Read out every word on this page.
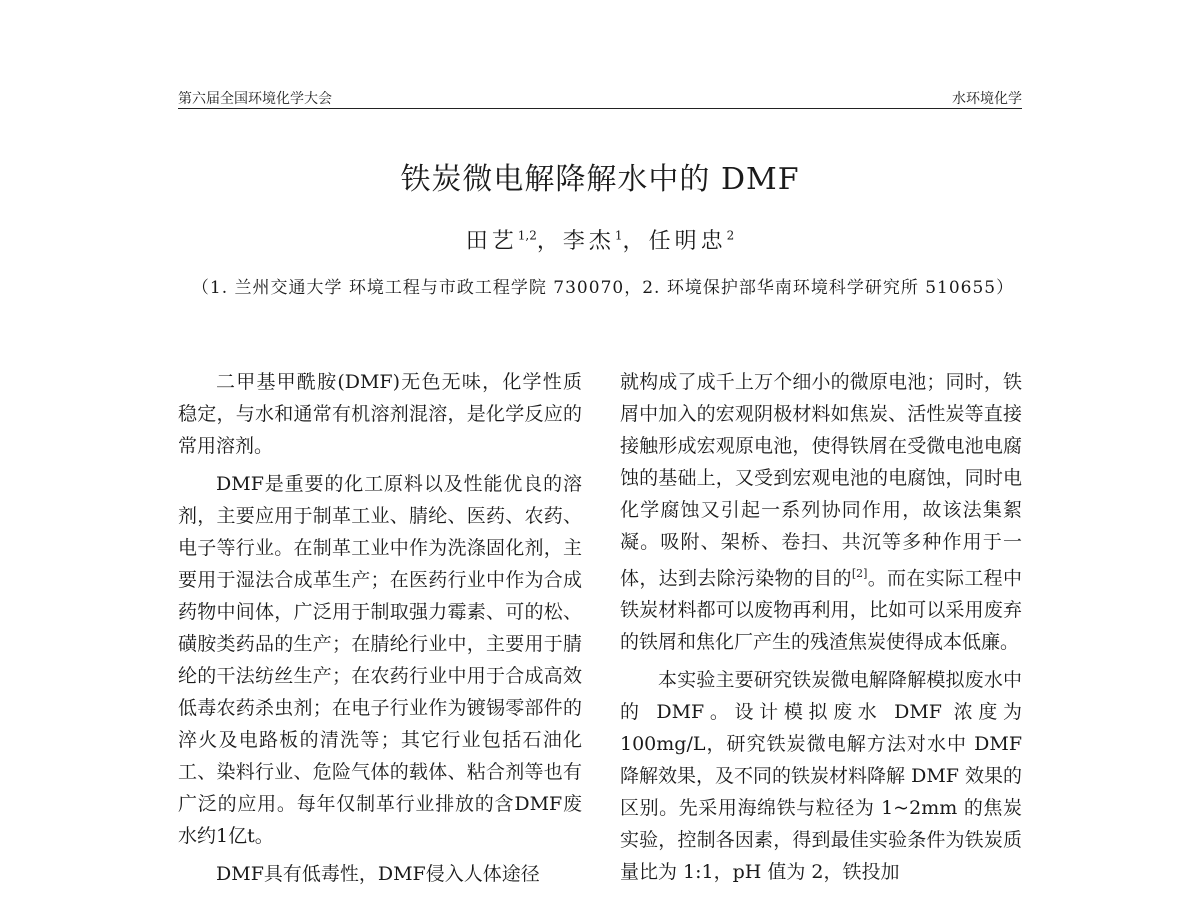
第六届全国环境化学大会	水环境化学
铁炭微电解降解水中的 DMF
田艺$^{1,2}$，李杰$^1$，任明忠$^2$
（1. 兰州交通大学 环境工程与市政工程学院 730070，2. 环境保护部华南环境科学研究所 510655）

二甲基甲酰胺(DMF)无色无味，化学性质稳定，与水和通常有机溶剂混溶，是化学反应的常用溶剂。

DMF是重要的化工原料以及性能优良的溶剂，主要应用于制革工业、腈纶、医药、农药、电子等行业。在制革工业中作为洗涤固化剂，主要用于湿法合成革生产；在医药行业中作为合成药物中间体，广泛用于制取强力霉素、可的松、磺胺类药品的生产；在腈纶行业中，主要用于腈纶的干法纺丝生产；在农药行业中用于合成高效低毒农药杀虫剂；在电子行业作为镀锡零部件的淬火及电路板的清洗等；其它行业包括石油化工、染料行业、危险气体的载体、粘合剂等也有广泛的应用。每年仅制革行业排放的含DMF废水约1亿t。

DMF具有低毒性，DMF侵入人体途径

就构成了成千上万个细小的微原电池；同时，铁屑中加入的宏观阴极材料如焦炭、活性炭等直接接触形成宏观原电池，使得铁屑在受微电池电腐蚀的基础上，又受到宏观电池的电腐蚀，同时电化学腐蚀又引起一系列协同作用，故该法集絮凝。吸附、架桥、卷扫、共沉等多种作用于一体，达到去除污染物的目的[2]。而在实际工程中铁炭材料都可以废物再利用，比如可以采用废弃的铁屑和焦化厂产生的残渣焦炭使得成本低廉。

本实验主要研究铁炭微电解降解模拟废水中的 DMF。设计模拟废水 DMF 浓度为 100mg/L，研究铁炭微电解方法对水中 DMF 降解效果，及不同的铁炭材料降解 DMF 效果的区别。先采用海绵铁与粒径为 1~2mm 的焦炭实验，控制各因素，得到最佳实验条件为铁炭质量比为 1:1，pH 值为 2，铁投加
